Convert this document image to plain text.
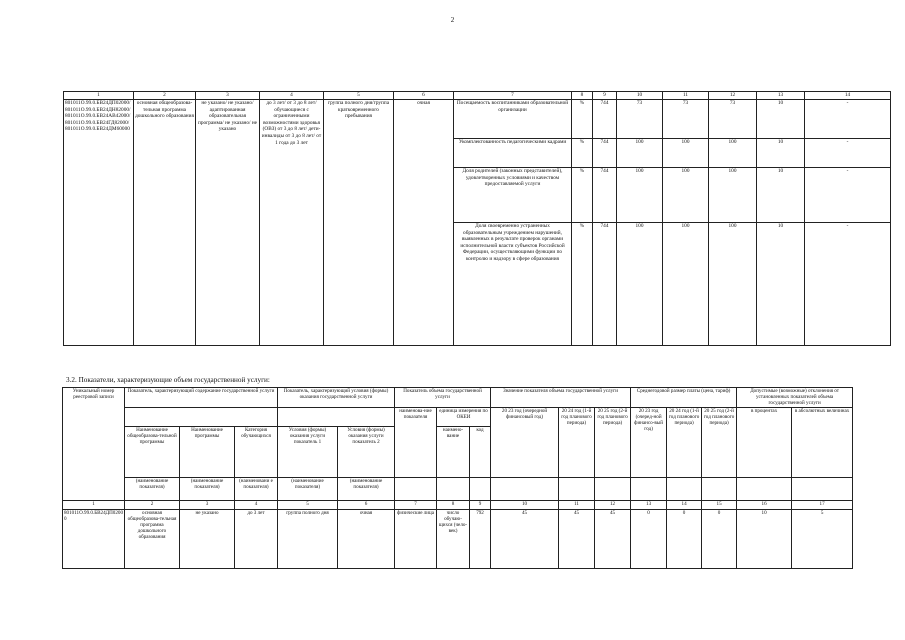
2
1	2	3	4	5	6	7	8	9	10	11	12	13	14
801011О.99.0.БВ24ДП02000/ 801011О.99.0.БВ24ДН82000/ 801011О.99.0.БВ24АВ42000/ 801011О.99.0.БВ24ГД82000/ 801011О.99.0.БВ24ДМ60000	основная общеобразова-тельная программа дошкольного образования	не указано/ не указано/ адаптированная образовательная программа/ не указано/ не указано	до 3 лет/ от 3 до 8 лет/ обучающиеся с ограниченными возможностями здоровья (ОВЗ) от 3 до 8 лет/ дети-инвалиды от 3 до 8 лет/ от 1 года до 3 лет	группа полного дня/группа кратковременного пребывания	очная	Посещаемость воспитанниками образовательной организации	%	744	73	73	73	10	-
						Укомплектованность педагогическими кадрами	%	744	100	100	100	10	-
						Доля родителей (законных представителей), удовлетворенных условиями и качеством предоставляемой услуги	%	744	100	100	100	10	-
						Доля своевременно устраненных образовательным учреждением нарушений, выявленных в результате проверок органами исполнительной власти субъектов Российской Федерации, осуществляющими функции по контролю и надзору в сфере образования	%	744	100	100	100	10	-
3.2. Показатели, характеризующие объем государственной услуги:
Уникальный номер реестровой записи	Показатель, характеризующий содержание государственной услуги			Показатель, характеризующий условия (формы) оказания государственной услуги		Показатель объема государственной услуги			Значение показателя объема государственной услуги			Среднегодовой размер платы (цена, тариф)			Допустимые (возможные) отклонения от установленных показателей объема государственной услуги	
						наименова-ние показателя	единица измерения по ОКЕИ		20 23 год (очередной финансовый год)	20 24 год (1-й год планового периода)	20 25 год (2-й год планового периода)	20 23 год (очеред-ной финансо-вый год)	20 24 год (1-й год планового периода)	20 25 год (2-й год планового периода)	в процентах	в абсолютных величинах
	Наименование общеобразова-тельной программы	Наименование программы	Категория обучающихся	Условия (формы) оказания услуги показатель 1	Условия (формы) оказания услуги показатель 2		наимено-вание	код								
	(наименование показателя)	(наименование показателя)	(наименовани е показателя)	(наименование показателя)	(наименование показателя)											
1	2	3	4	5	6	7	8	9	10	11	12	13	14	15	16	17
801011О.99.0.БВ24ДП02000	основная общеобразова-тельная программа дошкольного образования	не указано	до 3 лет	группа полного дня	очная	физические лица	число обучаю-щихся (чело-век)	792	45	45	45	0	0	0	10	5
